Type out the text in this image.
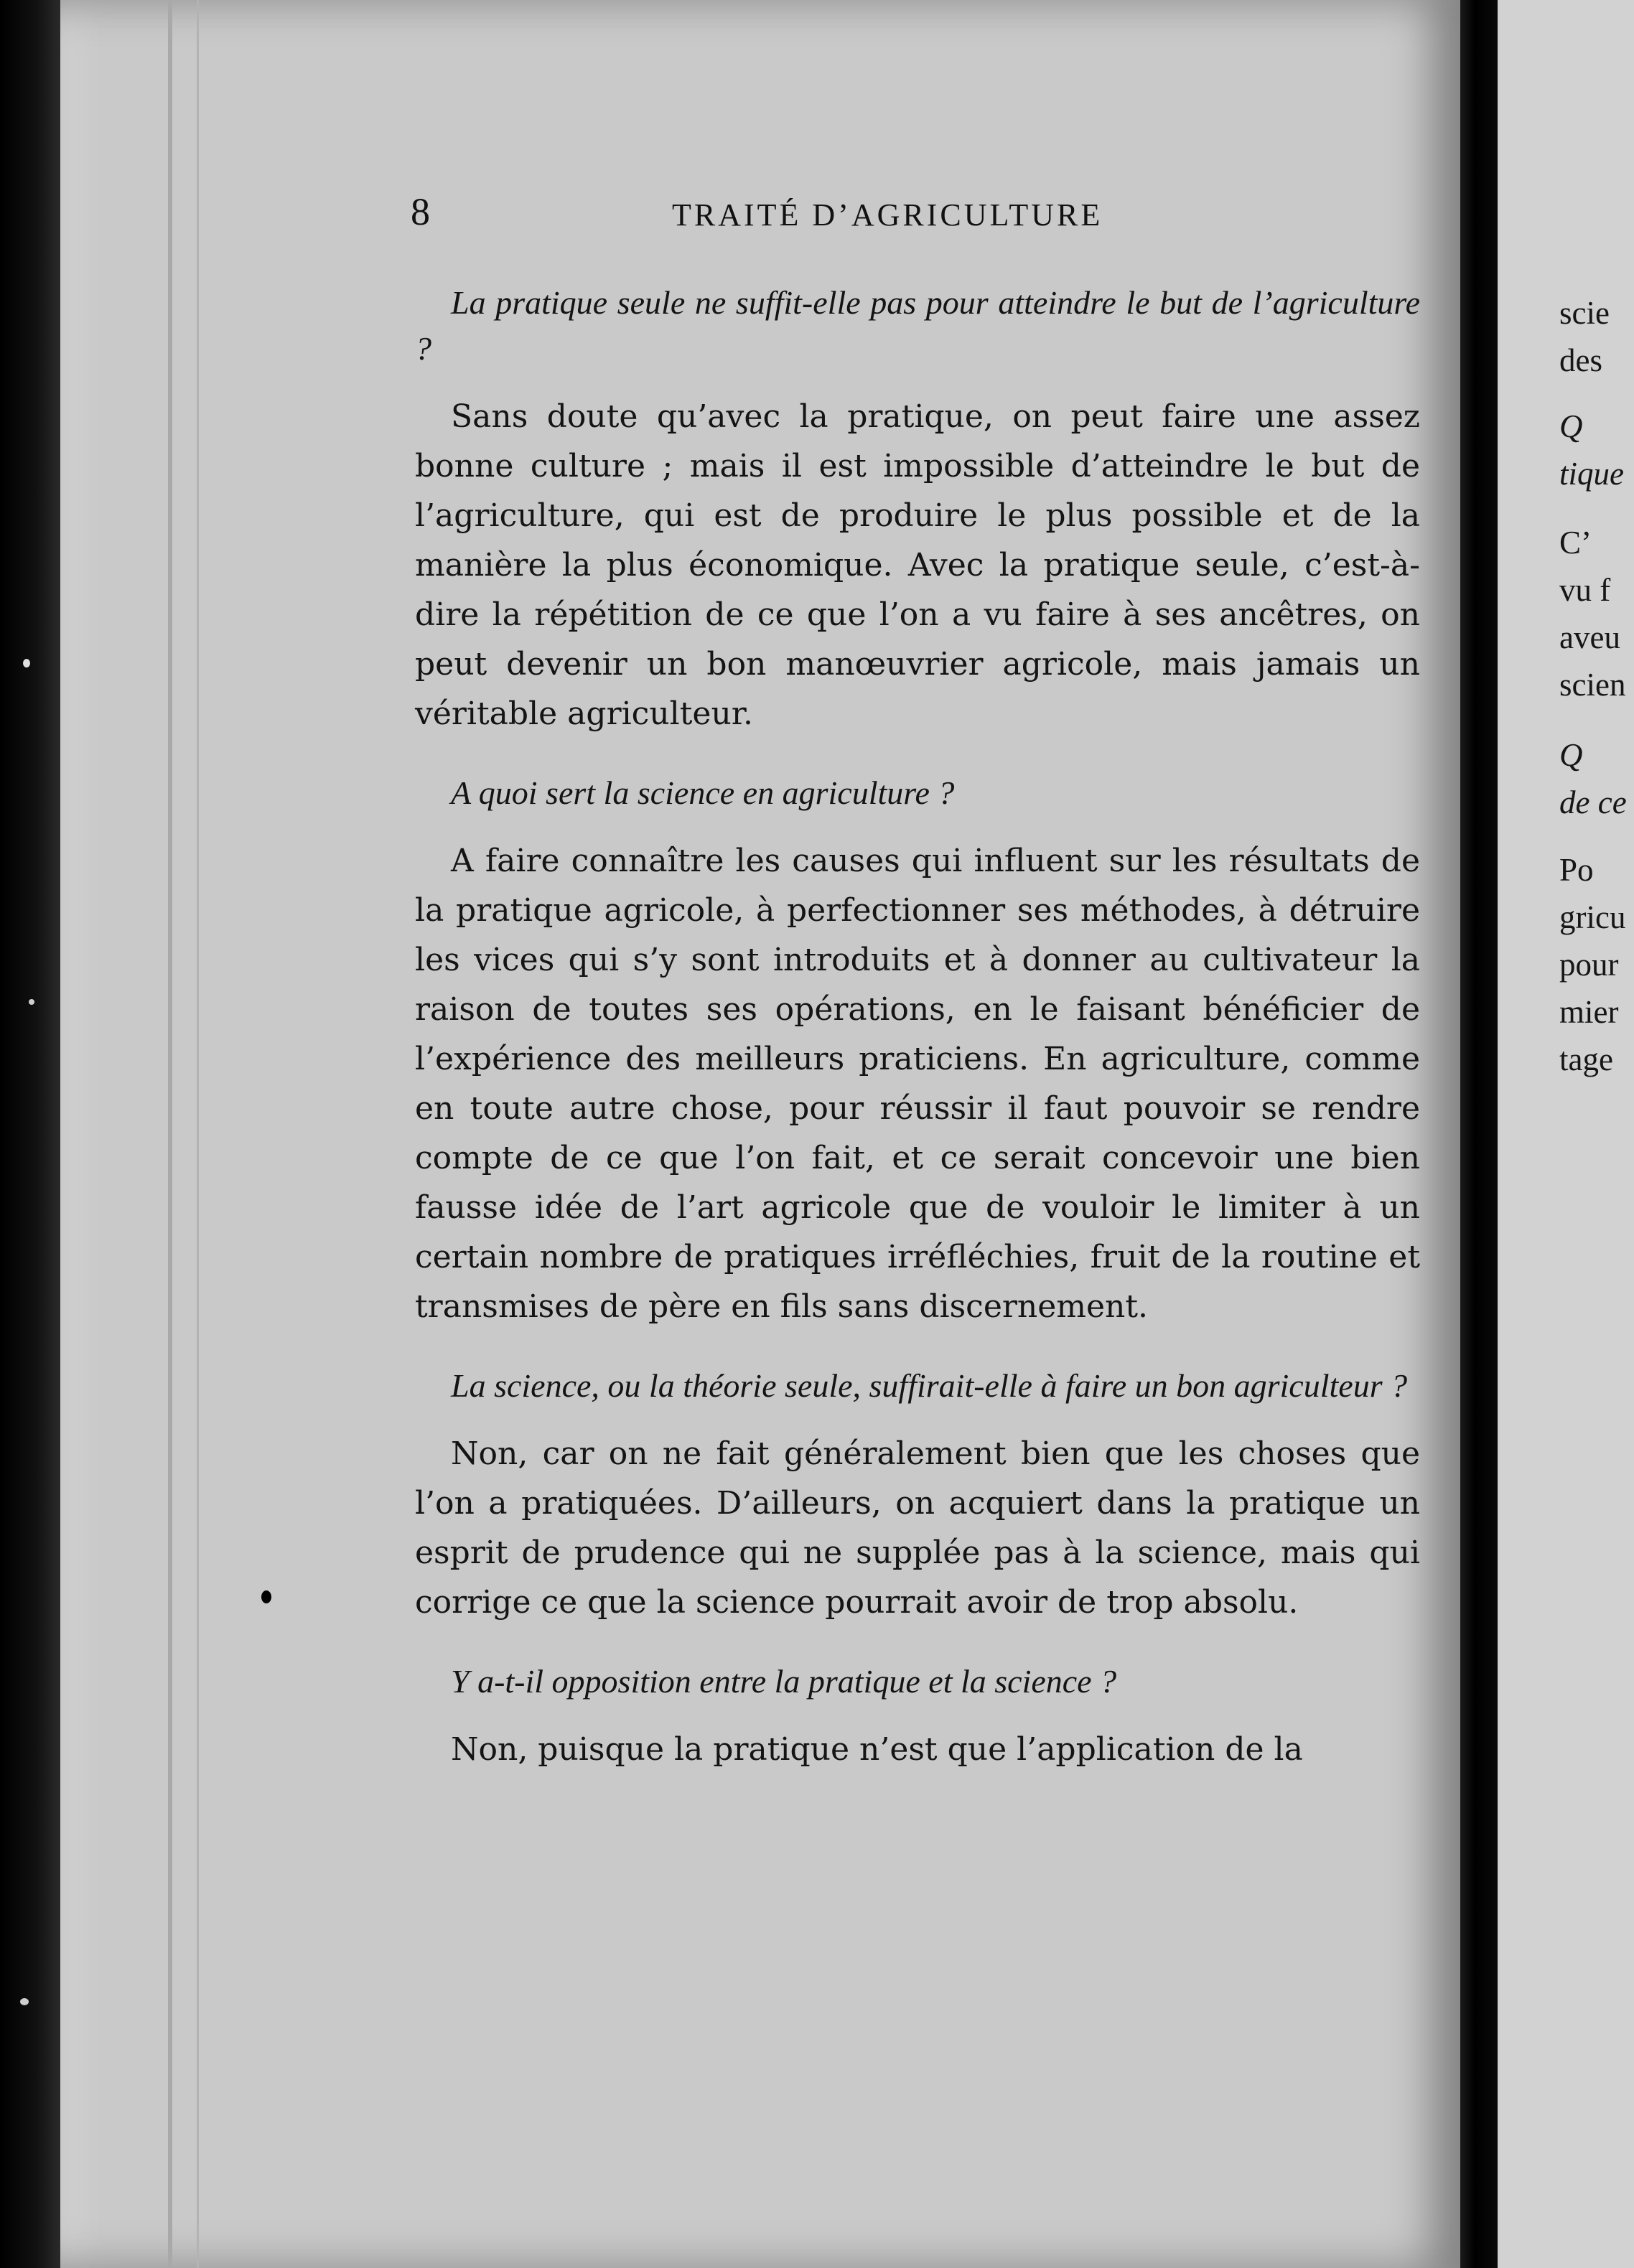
scie
des
Q
tique
C’
vu f
aveu
scien
Q
de ce
Po
gricu
pour
mier
tage
8	TRAITÉ D’AGRICULTURE

La pratique seule ne suffit-elle pas pour atteindre le but de l’agriculture ?

Sans doute qu’avec la pratique, on peut faire une assez bonne culture ; mais il est impossible d’atteindre le but de l’agriculture, qui est de produire le plus possible et de la manière la plus économique. Avec la pratique seule, c’est-à-dire la répétition de ce que l’on a vu faire à ses ancêtres, on peut devenir un bon manœuvrier agricole, mais jamais un véritable agriculteur.

A quoi sert la science en agriculture ?

A faire connaître les causes qui influent sur les résultats de la pratique agricole, à perfectionner ses méthodes, à détruire les vices qui s’y sont introduits et à donner au cultivateur la raison de toutes ses opérations, en le faisant bénéficier de l’expérience des meilleurs praticiens. En agriculture, comme en toute autre chose, pour réussir il faut pouvoir se rendre compte de ce que l’on fait, et ce serait concevoir une bien fausse idée de l’art agricole que de vouloir le limiter à un certain nombre de pratiques irréfléchies, fruit de la routine et transmises de père en fils sans discernement.

La science, ou la théorie seule, suffirait-elle à faire un bon agriculteur ?

Non, car on ne fait généralement bien que les choses que l’on a pratiquées. D’ailleurs, on acquiert dans la pratique un esprit de prudence qui ne supplée pas à la science, mais qui corrige ce que la science pourrait avoir de trop absolu.

Y a-t-il opposition entre la pratique et la science ?

Non, puisque la pratique n’est que l’application de la
